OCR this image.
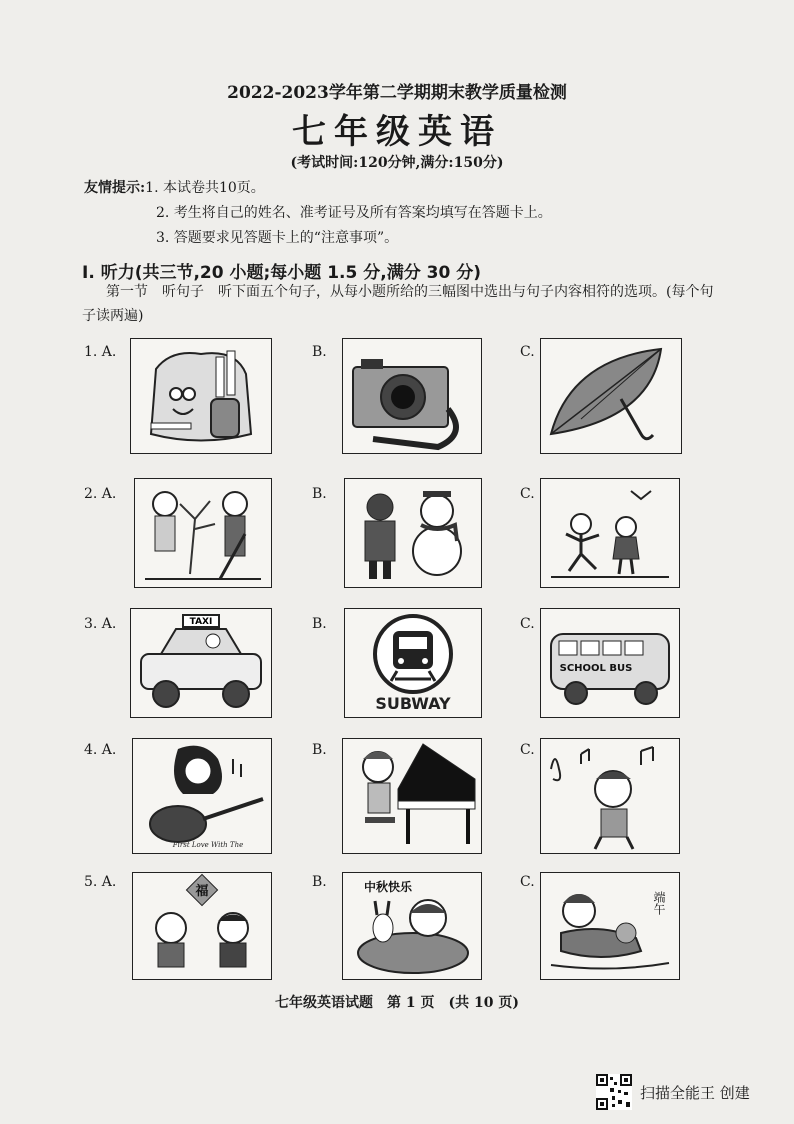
2022-2023学年第二学期期末教学质量检测
七年级英语
(考试时间:120分钟,满分:150分)
友情提示: 1. 本试卷共10页。
2. 考生将自己的姓名、准考证号及所有答案均填写在答题卡上。
3. 答题要求见答题卡上的“注意事项”。
I. 听力(共三节,20 小题;每小题 1.5 分,满分 30 分)
第一节　听句子　听下面五个句子，从每小题所给的三幅图中选出与句子内容相符的选项。(每个句子读两遍)
1. A.	B.	C.
2. A.	B.	C.
3. A.	B.	C.
TAXI
SUBWAY
SCHOOL BUS
4. A.	B.	C.
First Love With The
5. A.	B.	C.
福	中秋快乐
端午
七年级英语试题　第 1 页　(共 10 页)
扫描全能王 创建
